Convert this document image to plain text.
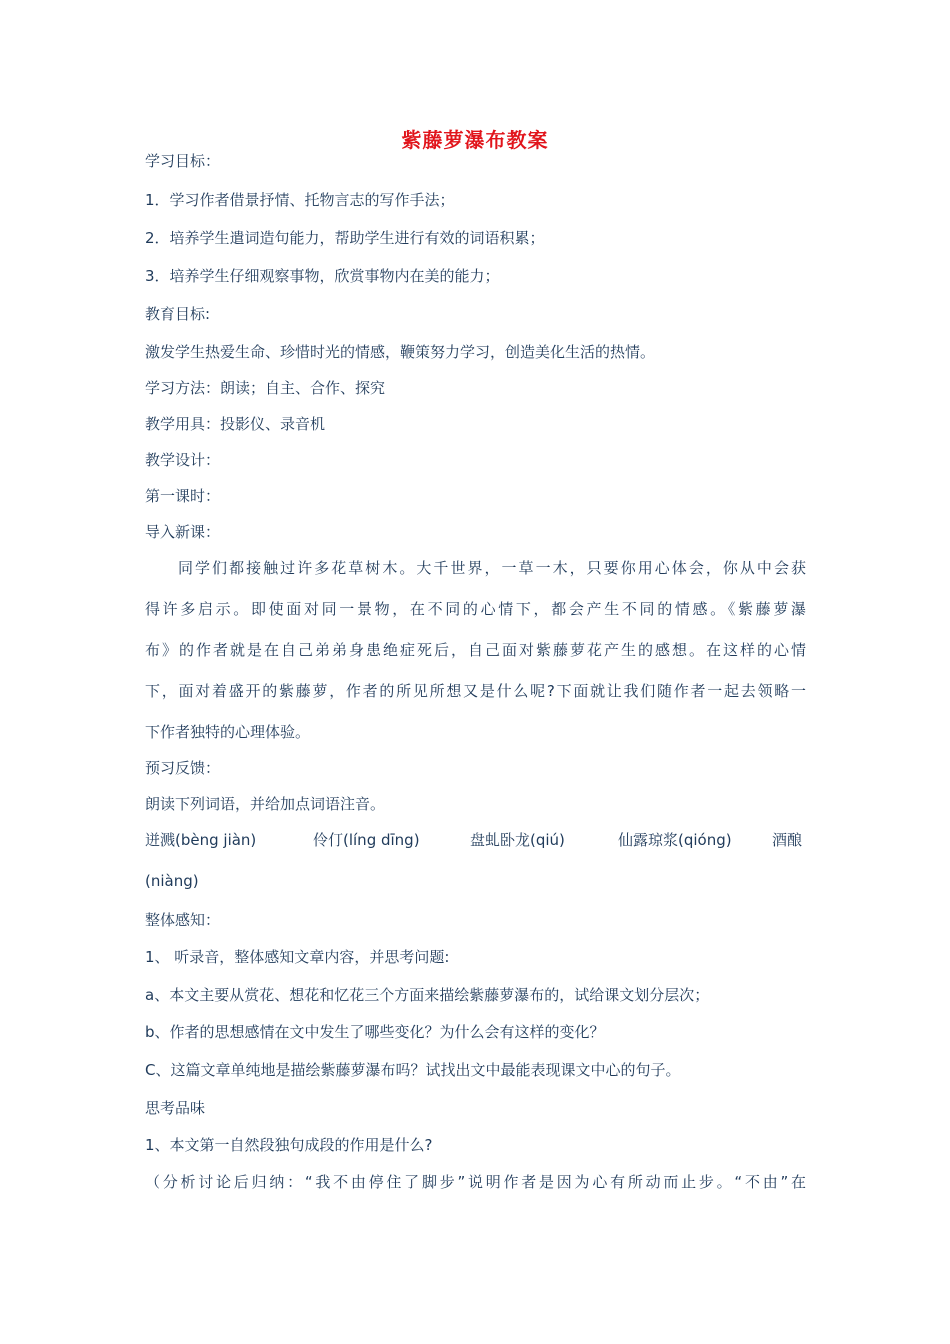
紫藤萝瀑布教案
学习目标：
1．学习作者借景抒情、托物言志的写作手法；
2．培养学生遣词造句能力，帮助学生进行有效的词语积累；
3．培养学生仔细观察事物，欣赏事物内在美的能力；
教育目标:
激发学生热爱生命、珍惜时光的情感，鞭策努力学习，创造美化生活的热情。
学习方法：朗读；自主、合作、探究
教学用具：投影仪、录音机
教学设计：
第一课时：
导入新课：
同学们都接触过许多花草树木。大千世界，一草一木，只要你用心体会，你从中会获
得许多启示。即使面对同一景物，在不同的心情下，都会产生不同的情感。《紫藤萝瀑
布》的作者就是在自己弟弟身患绝症死后，自己面对紫藤萝花产生的感想。在这样的心情
下，面对着盛开的紫藤萝，作者的所见所想又是什么呢?下面就让我们随作者一起去领略一
下作者独特的心理体验。
预习反馈：
朗读下列词语，并给加点词语注音。
迸溅(bèng jiàn)	伶仃(líng dīng)	盘虬卧龙(qiú)	仙露琼浆(qióng)	酒酿
(niàng)
整体感知：
1、 听录音，整体感知文章内容，并思考问题:
a、本文主要从赏花、想花和忆花三个方面来描绘紫藤萝瀑布的，试给课文划分层次；
b、作者的思想感情在文中发生了哪些变化？为什么会有这样的变化？
C、这篇文章单纯地是描绘紫藤萝瀑布吗？试找出文中最能表现课文中心的句子。
思考品味
1、本文第一自然段独句成段的作用是什么?
（分析讨论后归纳：“我不由停住了脚步”说明作者是因为心有所动而止步。“不由”在
